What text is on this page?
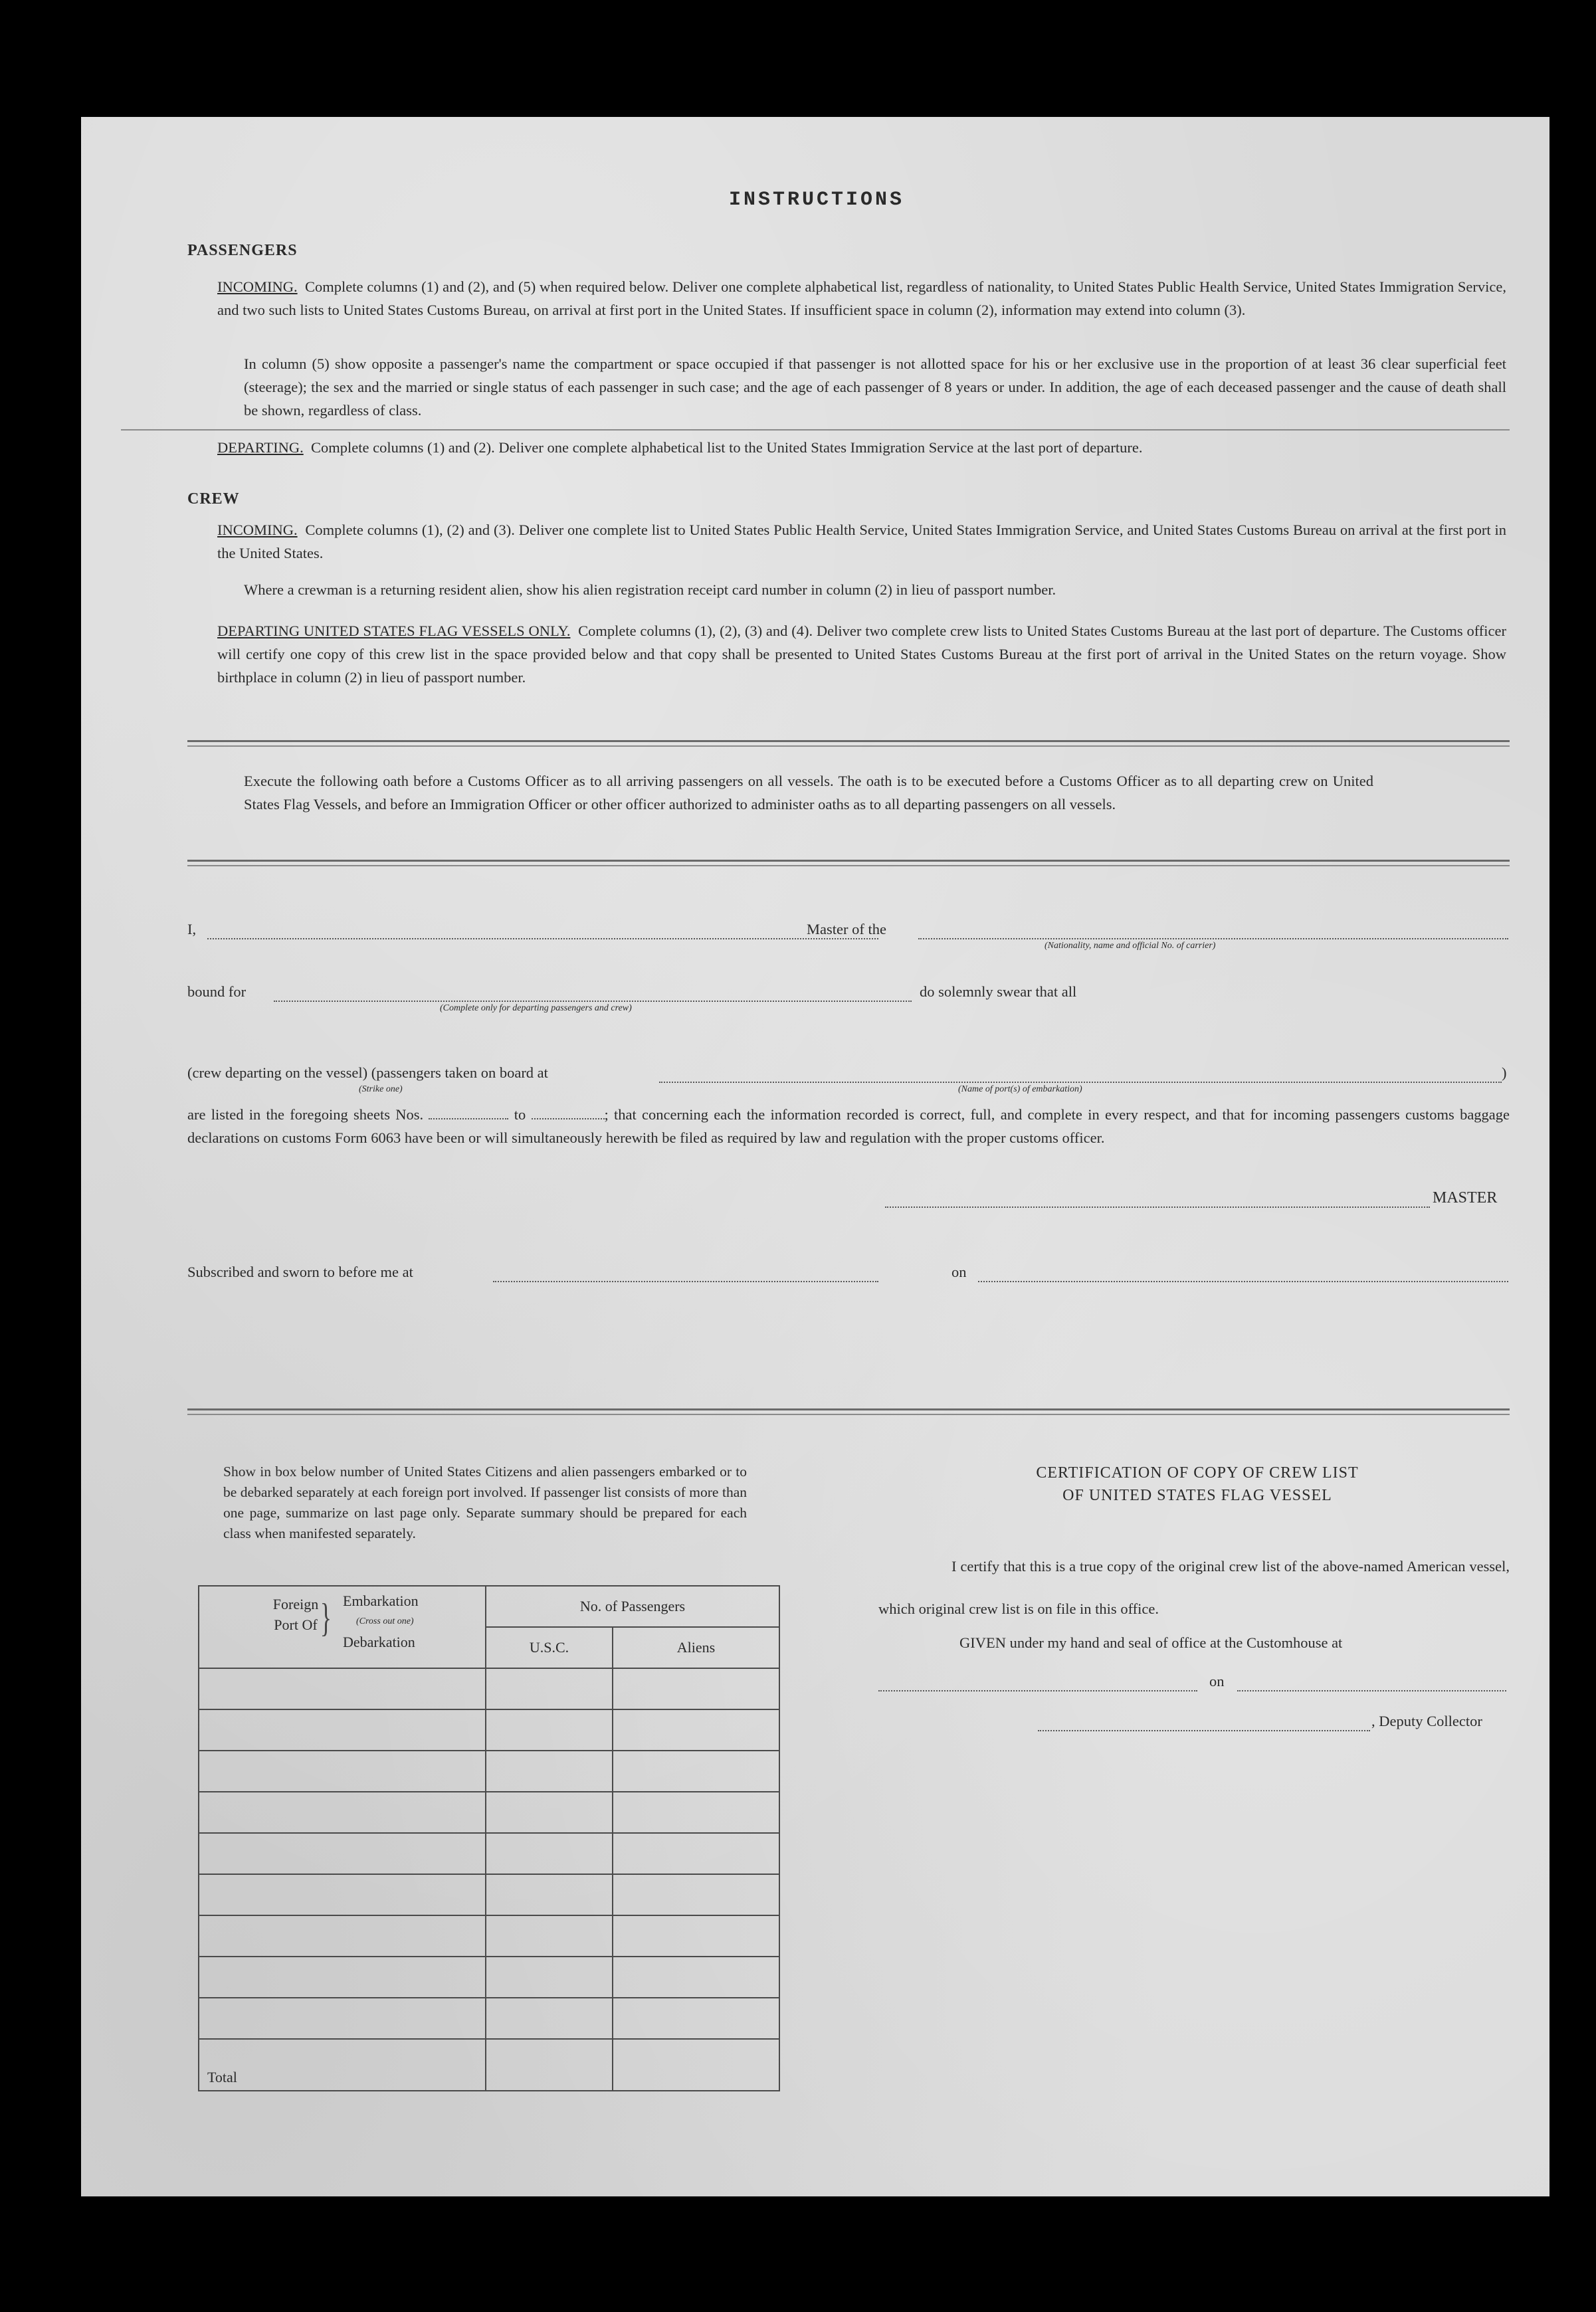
INSTRUCTIONS
PASSENGERS
INCOMING. Complete columns (1) and (2), and (5) when required below. Deliver one complete alphabetical list, regardless of nationality, to United States Public Health Service, United States Immigration Service, and two such lists to United States Customs Bureau, on arrival at first port in the United States. If insufficient space in column (2), information may extend into column (3).
In column (5) show opposite a passenger's name the compartment or space occupied if that passenger is not allotted space for his or her exclusive use in the proportion of at least 36 clear superficial feet (steerage); the sex and the married or single status of each passenger in such case; and the age of each passenger of 8 years or under. In addition, the age of each deceased passenger and the cause of death shall be shown, regardless of class.
DEPARTING. Complete columns (1) and (2). Deliver one complete alphabetical list to the United States Immigration Service at the last port of departure.
CREW
INCOMING. Complete columns (1), (2) and (3). Deliver one complete list to United States Public Health Service, United States Immigration Service, and United States Customs Bureau on arrival at the first port in the United States.
Where a crewman is a returning resident alien, show his alien registration receipt card number in column (2) in lieu of passport number.
DEPARTING UNITED STATES FLAG VESSELS ONLY. Complete columns (1), (2), (3) and (4). Deliver two complete crew lists to United States Customs Bureau at the last port of departure. The Customs officer will certify one copy of this crew list in the space provided below and that copy shall be presented to United States Customs Bureau at the first port of arrival in the United States on the return voyage. Show birthplace in column (2) in lieu of passport number.
Execute the following oath before a Customs Officer as to all arriving passengers on all vessels. The oath is to be executed before a Customs Officer as to all departing crew on United States Flag Vessels, and before an Immigration Officer or other officer authorized to administer oaths as to all departing passengers on all vessels.
I,	Master of the
(Nationality, name and official No. of carrier)
bound for
(Complete only for departing passengers and crew)
do solemnly swear that all
(crew departing on the vessel) (passengers taken on board at
(Strike one)
)
(Name of port(s) of embarkation)
are listed in the foregoing sheets Nos.	to	; that concerning each the information recorded is correct, full, and complete in every respect, and that for incoming passengers customs baggage declarations on customs Form 6063 have been or will simultaneously herewith be filed as required by law and regulation with the proper customs officer.
MASTER
Subscribed and sworn to before me at	on
Show in box below number of United States Citizens and alien passengers embarked or to be debarked separately at each foreign port involved. If passenger list consists of more than one page, summarize on last page only. Separate summary should be prepared for each class when manifested separately.
Foreign Port Of } Embarkation
(Cross out one)
Debarkation	No. of Passengers	
	U.S.C.	Aliens

Total		
CERTIFICATION OF COPY OF CREW LIST
OF UNITED STATES FLAG VESSEL
I certify that this is a true copy of the original crew list of the above-named American vessel, which original crew list is on file in this office.
GIVEN under my hand and seal of office at the Customhouse at
on
, Deputy Collector
